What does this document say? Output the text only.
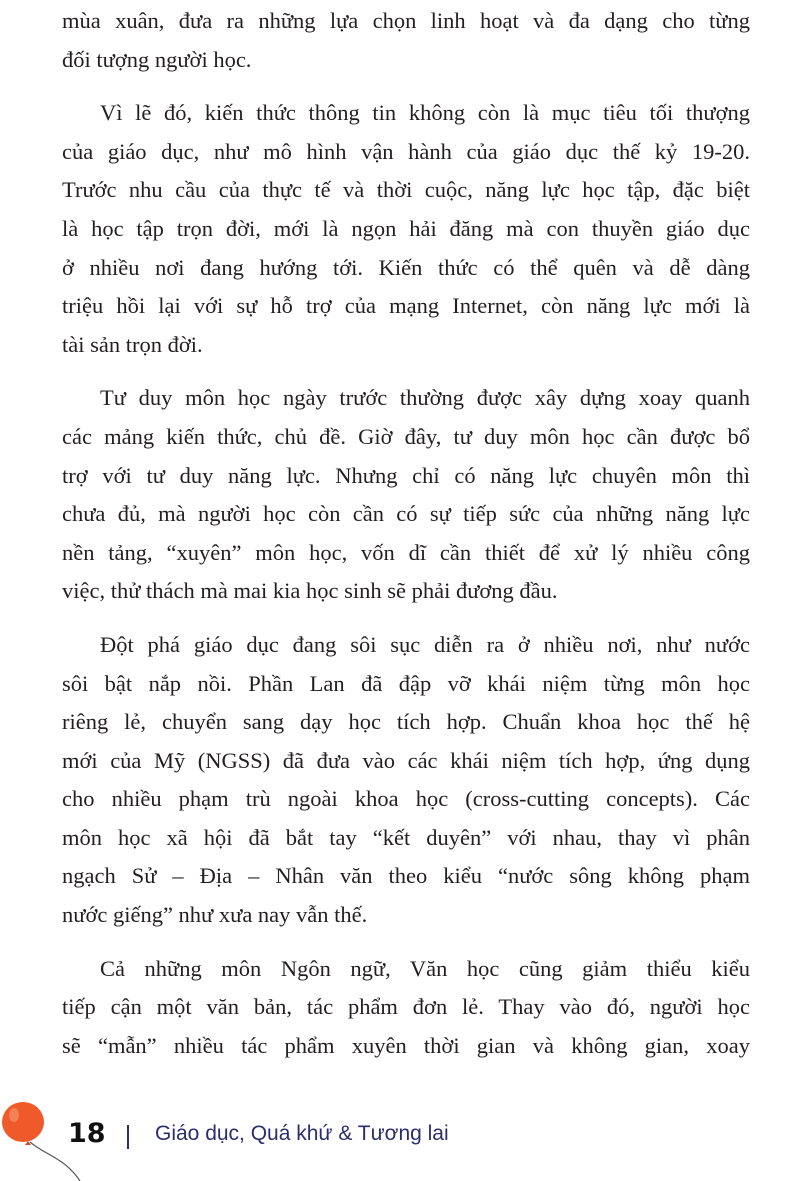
mùa xuân, đưa ra những lựa chọn linh hoạt và đa dạng cho từng
đối tượng người học.
Vì lẽ đó, kiến thức thông tin không còn là mục tiêu tối thượng
của giáo dục, như mô hình vận hành của giáo dục thế kỷ 19-20.
Trước nhu cầu của thực tế và thời cuộc, năng lực học tập, đặc biệt
là học tập trọn đời, mới là ngọn hải đăng mà con thuyền giáo dục
ở nhiều nơi đang hướng tới. Kiến thức có thể quên và dễ dàng
triệu hồi lại với sự hỗ trợ của mạng Internet, còn năng lực mới là
tài sản trọn đời.
Tư duy môn học ngày trước thường được xây dựng xoay quanh
các mảng kiến thức, chủ đề. Giờ đây, tư duy môn học cần được bổ
trợ với tư duy năng lực. Nhưng chỉ có năng lực chuyên môn thì
chưa đủ, mà người học còn cần có sự tiếp sức của những năng lực
nền tảng, “xuyên” môn học, vốn dĩ cần thiết để xử lý nhiều công
việc, thử thách mà mai kia học sinh sẽ phải đương đầu.
Đột phá giáo dục đang sôi sục diễn ra ở nhiều nơi, như nước
sôi bật nắp nồi. Phần Lan đã đập vỡ khái niệm từng môn học
riêng lẻ, chuyển sang dạy học tích hợp. Chuẩn khoa học thế hệ
mới của Mỹ (NGSS) đã đưa vào các khái niệm tích hợp, ứng dụng
cho nhiều phạm trù ngoài khoa học (cross-cutting concepts). Các
môn học xã hội đã bắt tay “kết duyên” với nhau, thay vì phân
ngạch Sử – Địa – Nhân văn theo kiểu “nước sông không phạm
nước giếng” như xưa nay vẫn thế.
Cả những môn Ngôn ngữ, Văn học cũng giảm thiểu kiểu
tiếp cận một văn bản, tác phẩm đơn lẻ. Thay vào đó, người học
sẽ “mẫn” nhiều tác phẩm xuyên thời gian và không gian, xoay
18 Giáo dục, Quá khứ & Tương lai
